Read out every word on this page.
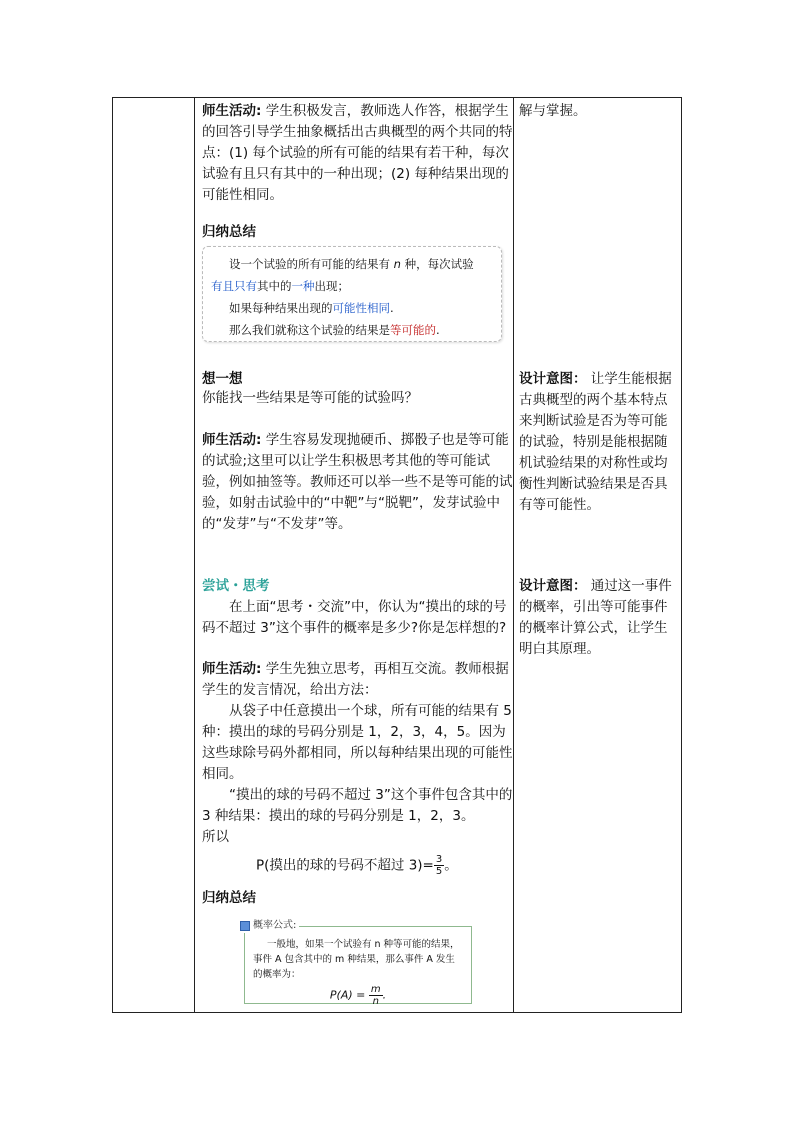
师生活动: 学生积极发言，教师选人作答，根据学生的回答引导学生抽象概括出古典概型的两个共同的特点：(1) 每个试验的所有可能的结果有若干种，每次试验有且只有其中的一种出现；(2) 每种结果出现的可能性相同。
归纳总结

设一个试验的所有可能的结果有 n 种，每次试验

有且只有其中的一种出现；

如果每种结果出现的可能性相同.

那么我们就称这个试验的结果是等可能的.

想一想
你能找一些结果是等可能的试验吗？
师生活动: 学生容易发现抛硬币、掷骰子也是等可能的试验;这里可以让学生积极思考其他的等可能试验，例如抽签等。教师还可以举一些不是等可能的试验，如射击试验中的“中靶”与“脱靶”，发芽试验中的“发芽”与“不发芽”等。
尝试・思考
在上面“思考・交流”中，你认为“摸出的球的号码不超过 3”这个事件的概率是多少?你是怎样想的?
师生活动: 学生先独立思考，再相互交流。教师根据学生的发言情况，给出方法：
从袋子中任意摸出一个球，所有可能的结果有 5 种：摸出的球的号码分别是 1，2，3，4，5。因为这些球除号码外都相同，所以每种结果出现的可能性相同。
“摸出的球的号码不超过 3”这个事件包含其中的 3 种结果：摸出的球的号码分别是 1，2，3。
所以
P(摸出的球的号码不超过 $3)= \frac{3}{5}$ 。
归纳总结
概率公式:

一般地，如果一个试验有 n 种等可能的结果，事件 A 包含其中的 m 种结果，那么事件 A 发生的概率为：

$P(A) = \frac{m}{n}$ .
解与掌握。
设计意图： 让学生能根据古典概型的两个基本特点来判断试验是否为等可能的试验，特别是能根据随机试验结果的对称性或均衡性判断试验结果是否具有等可能性。
设计意图： 通过这一事件的概率，引出等可能事件的概率计算公式，让学生明白其原理。
